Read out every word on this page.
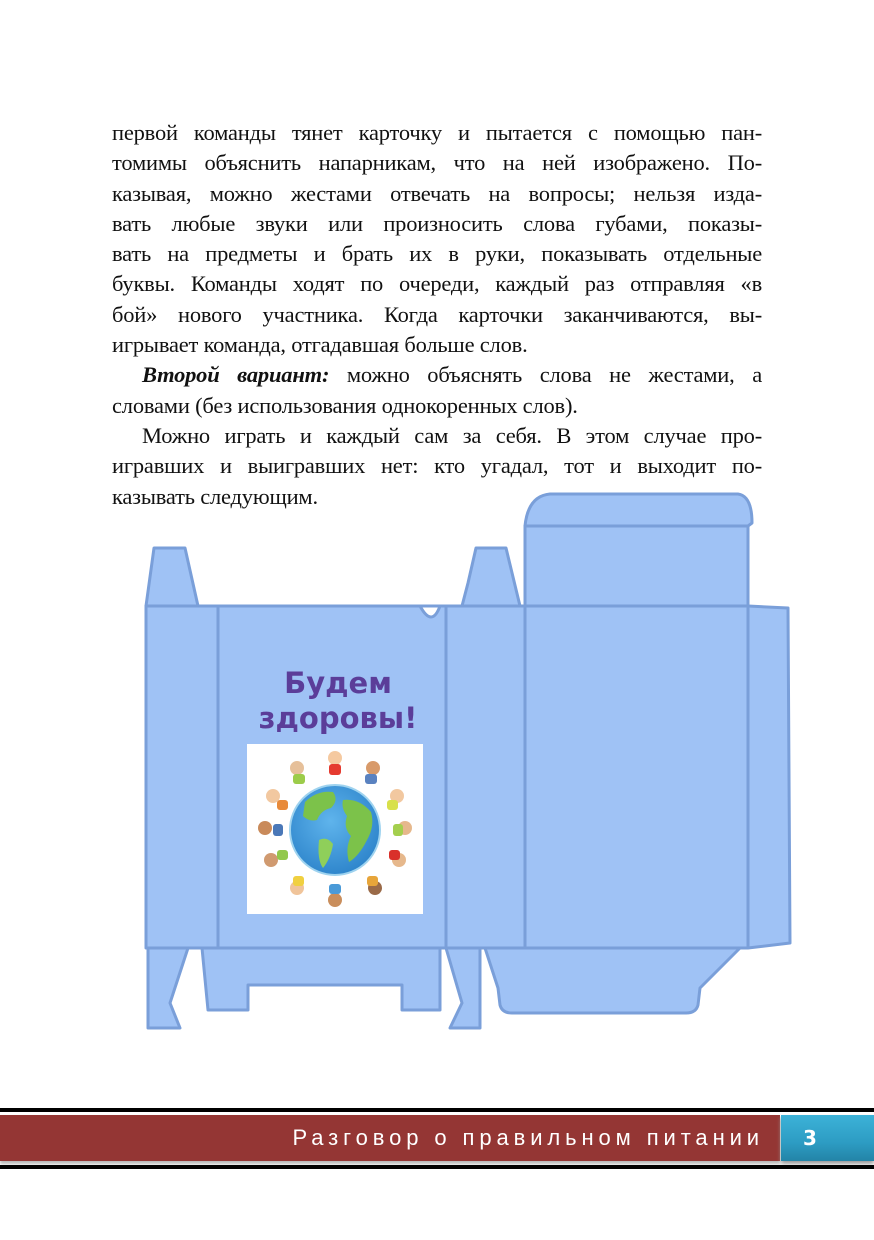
первой команды тянет карточку и пытается с помощью пан-
томимы объяснить напарникам, что на ней изображено. По-
казывая, можно жестами отвечать на вопросы; нельзя изда-
вать любые звуки или произносить слова губами, показы-
вать на предметы и брать их в руки, показывать отдельные
буквы. Команды ходят по очереди, каждый раз отправляя «в
бой» нового участника. Когда карточки заканчиваются, вы-
игрывает команда, отгадавшая больше слов.

Второй вариант: можно объяснять слова не жестами, а
словами (без использования однокоренных слов).

Можно играть и каждый сам за себя. В этом случае про-
игравших и выигравших нет: кто угадал, тот и выходит по-
казывать следующим.

Будем
здоровы!
Разговор о правильном питании 3
